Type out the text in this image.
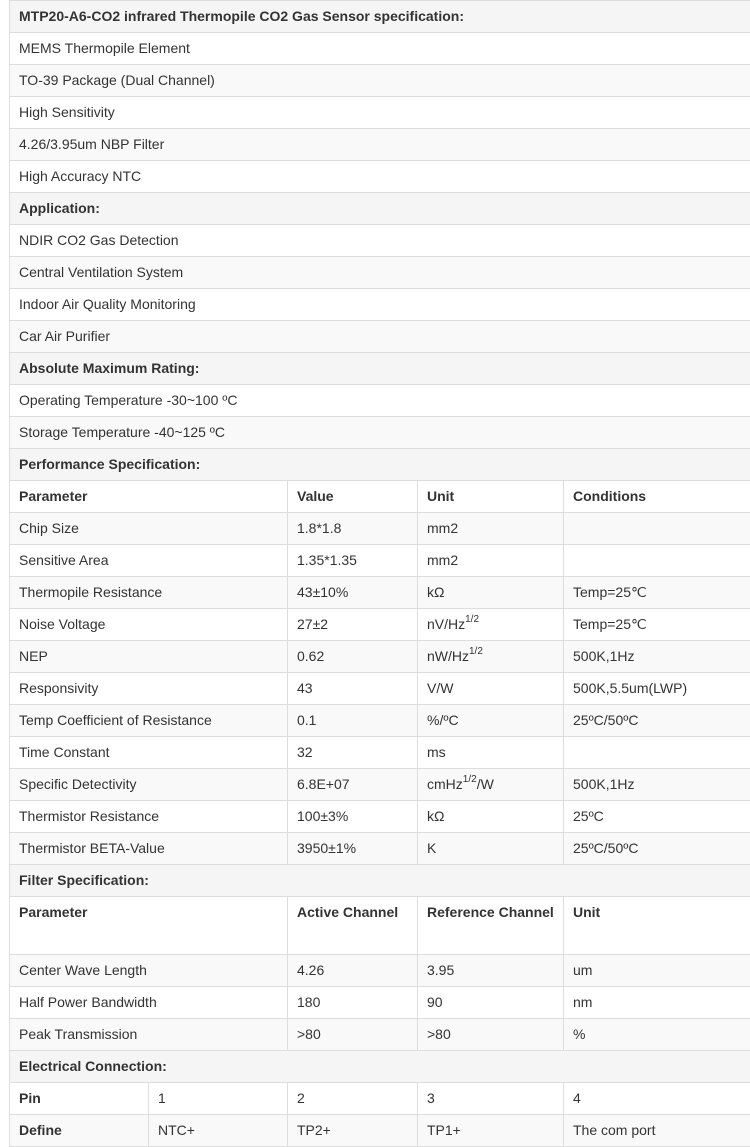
MTP20-A6-CO2 infrared Thermopile CO2 Gas Sensor specification:				
MEMS Thermopile Element				
TO-39 Package (Dual Channel)				
High Sensitivity				
4.26/3.95um NBP Filter				
High Accuracy NTC				
Application:				
NDIR CO2 Gas Detection				
Central Ventilation System				
Indoor Air Quality Monitoring				
Car Air Purifier				
Absolute Maximum Rating:				
Operating Temperature -30~100 ºC				
Storage Temperature -40~125 ºC				
Performance Specification:				
Parameter		Value	Unit	Conditions
Chip Size		1.8*1.8	mm2	
Sensitive Area		1.35*1.35	mm2	
Thermopile Resistance		43±10%	kΩ	Temp=25℃
Noise Voltage		27±2	$nV/Hz^{1/2}$	Temp=25℃
NEP		0.62	$nW/Hz^{1/2}$	500K,1Hz
Responsivity		43	V/W	500K,5.5um(LWP)
Temp Coefficient of Resistance		0.1	%/ºC	25ºC/50ºC
Time Constant		32	ms	
Specific Detectivity		6.8E+07	cmHz$^{1/2}$/W	500K,1Hz
Thermistor Resistance		100±3%	kΩ	25ºC
Thermistor BETA-Value		3950±1%	K	25ºC/50ºC
Filter Specification:				
Parameter		Active Channel	Reference Channel	Unit
Center Wave Length		4.26	3.95	um
Half Power Bandwidth		180	90	nm
Peak Transmission		>80	>80	%
Electrical Connection:				
Pin	1	2	3	4
Define	NTC+	TP2+	TP1+	The com port
